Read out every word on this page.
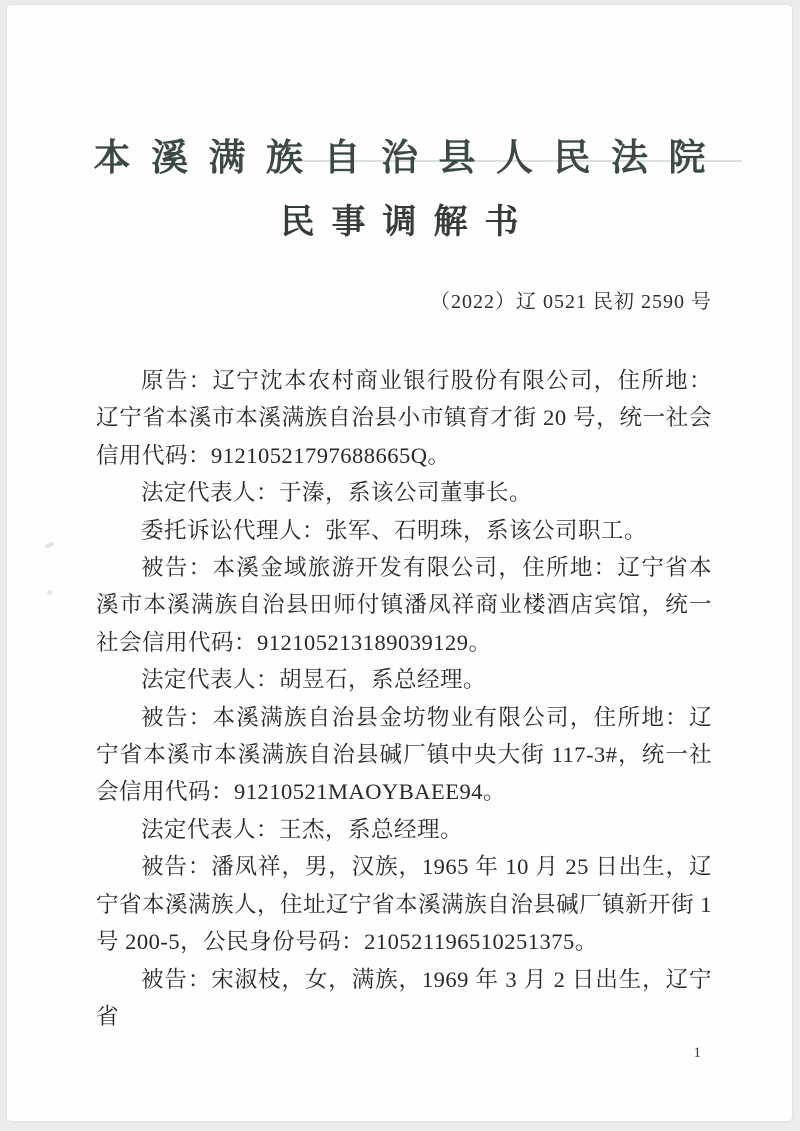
本溪满族自治县人民法院
民事调解书
（2022）辽 0521 民初 2590 号

原告：辽宁沈本农村商业银行股份有限公司，住所地：辽宁省本溪市本溪满族自治县小市镇育才街 20 号，统一社会信用代码：91210521797688665Q。

法定代表人：于溱，系该公司董事长。

委托诉讼代理人：张军、石明珠，系该公司职工。

被告：本溪金域旅游开发有限公司，住所地：辽宁省本溪市本溪满族自治县田师付镇潘凤祥商业楼酒店宾馆，统一社会信用代码：912105213189039129。

法定代表人：胡昱石，系总经理。

被告：本溪满族自治县金坊物业有限公司，住所地：辽宁省本溪市本溪满族自治县碱厂镇中央大街 117-3#，统一社会信用代码：91210521MAOYBAEE94。

法定代表人：王杰，系总经理。

被告：潘凤祥，男，汉族，1965 年 10 月 25 日出生，辽宁省本溪满族人，住址辽宁省本溪满族自治县碱厂镇新开街 1 号 200-5，公民身份号码：210521196510251375。

被告：宋淑枝，女，满族，1969 年 3 月 2 日出生，辽宁省

1
